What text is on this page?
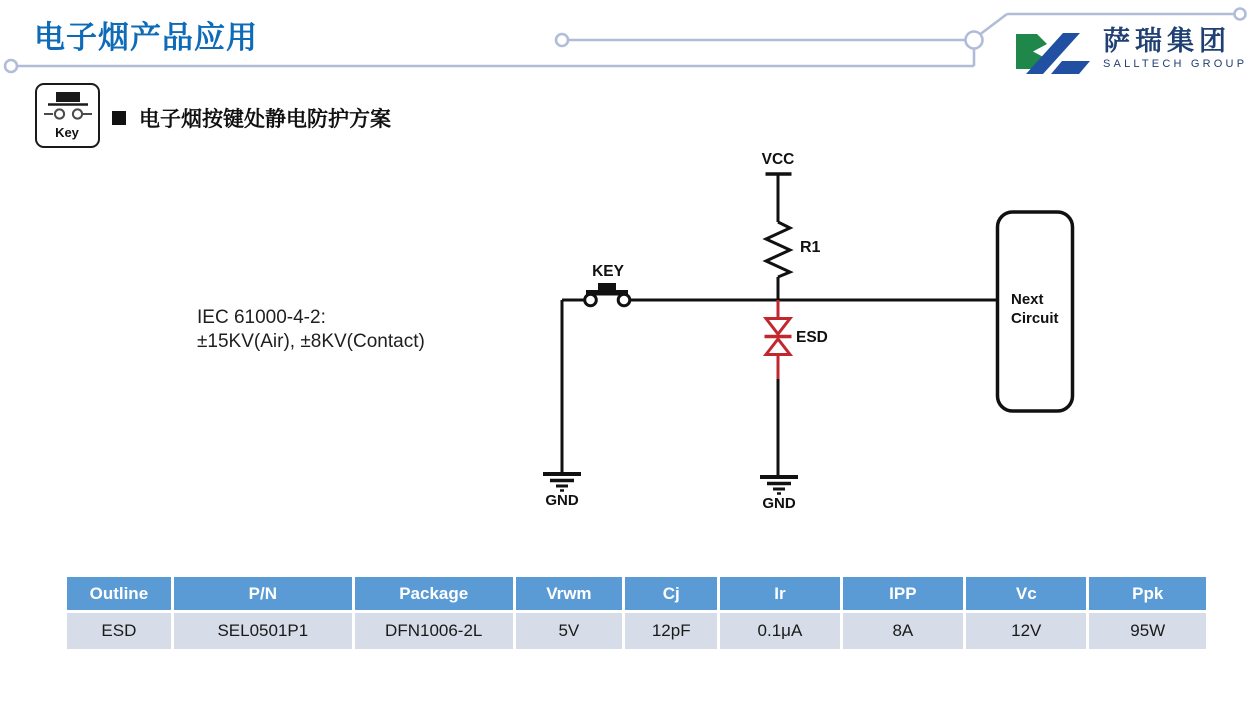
电子烟产品应用	萨瑞集团
SALLTECH GROUP
Key
电子烟按键处静电防护方案
IEC 61000-4-2:
±15KV(Air), ±8KV(Contact)
VCC
R1
KEY
GND
ESD
GND
Next
Circuit
Outline	P/N	Package	Vrwm	Cj	Ir	IPP	Vc	Ppk
ESD	SEL0501P1	DFN1006-2L	5V	12pF	0.1μA	8A	12V	95W
